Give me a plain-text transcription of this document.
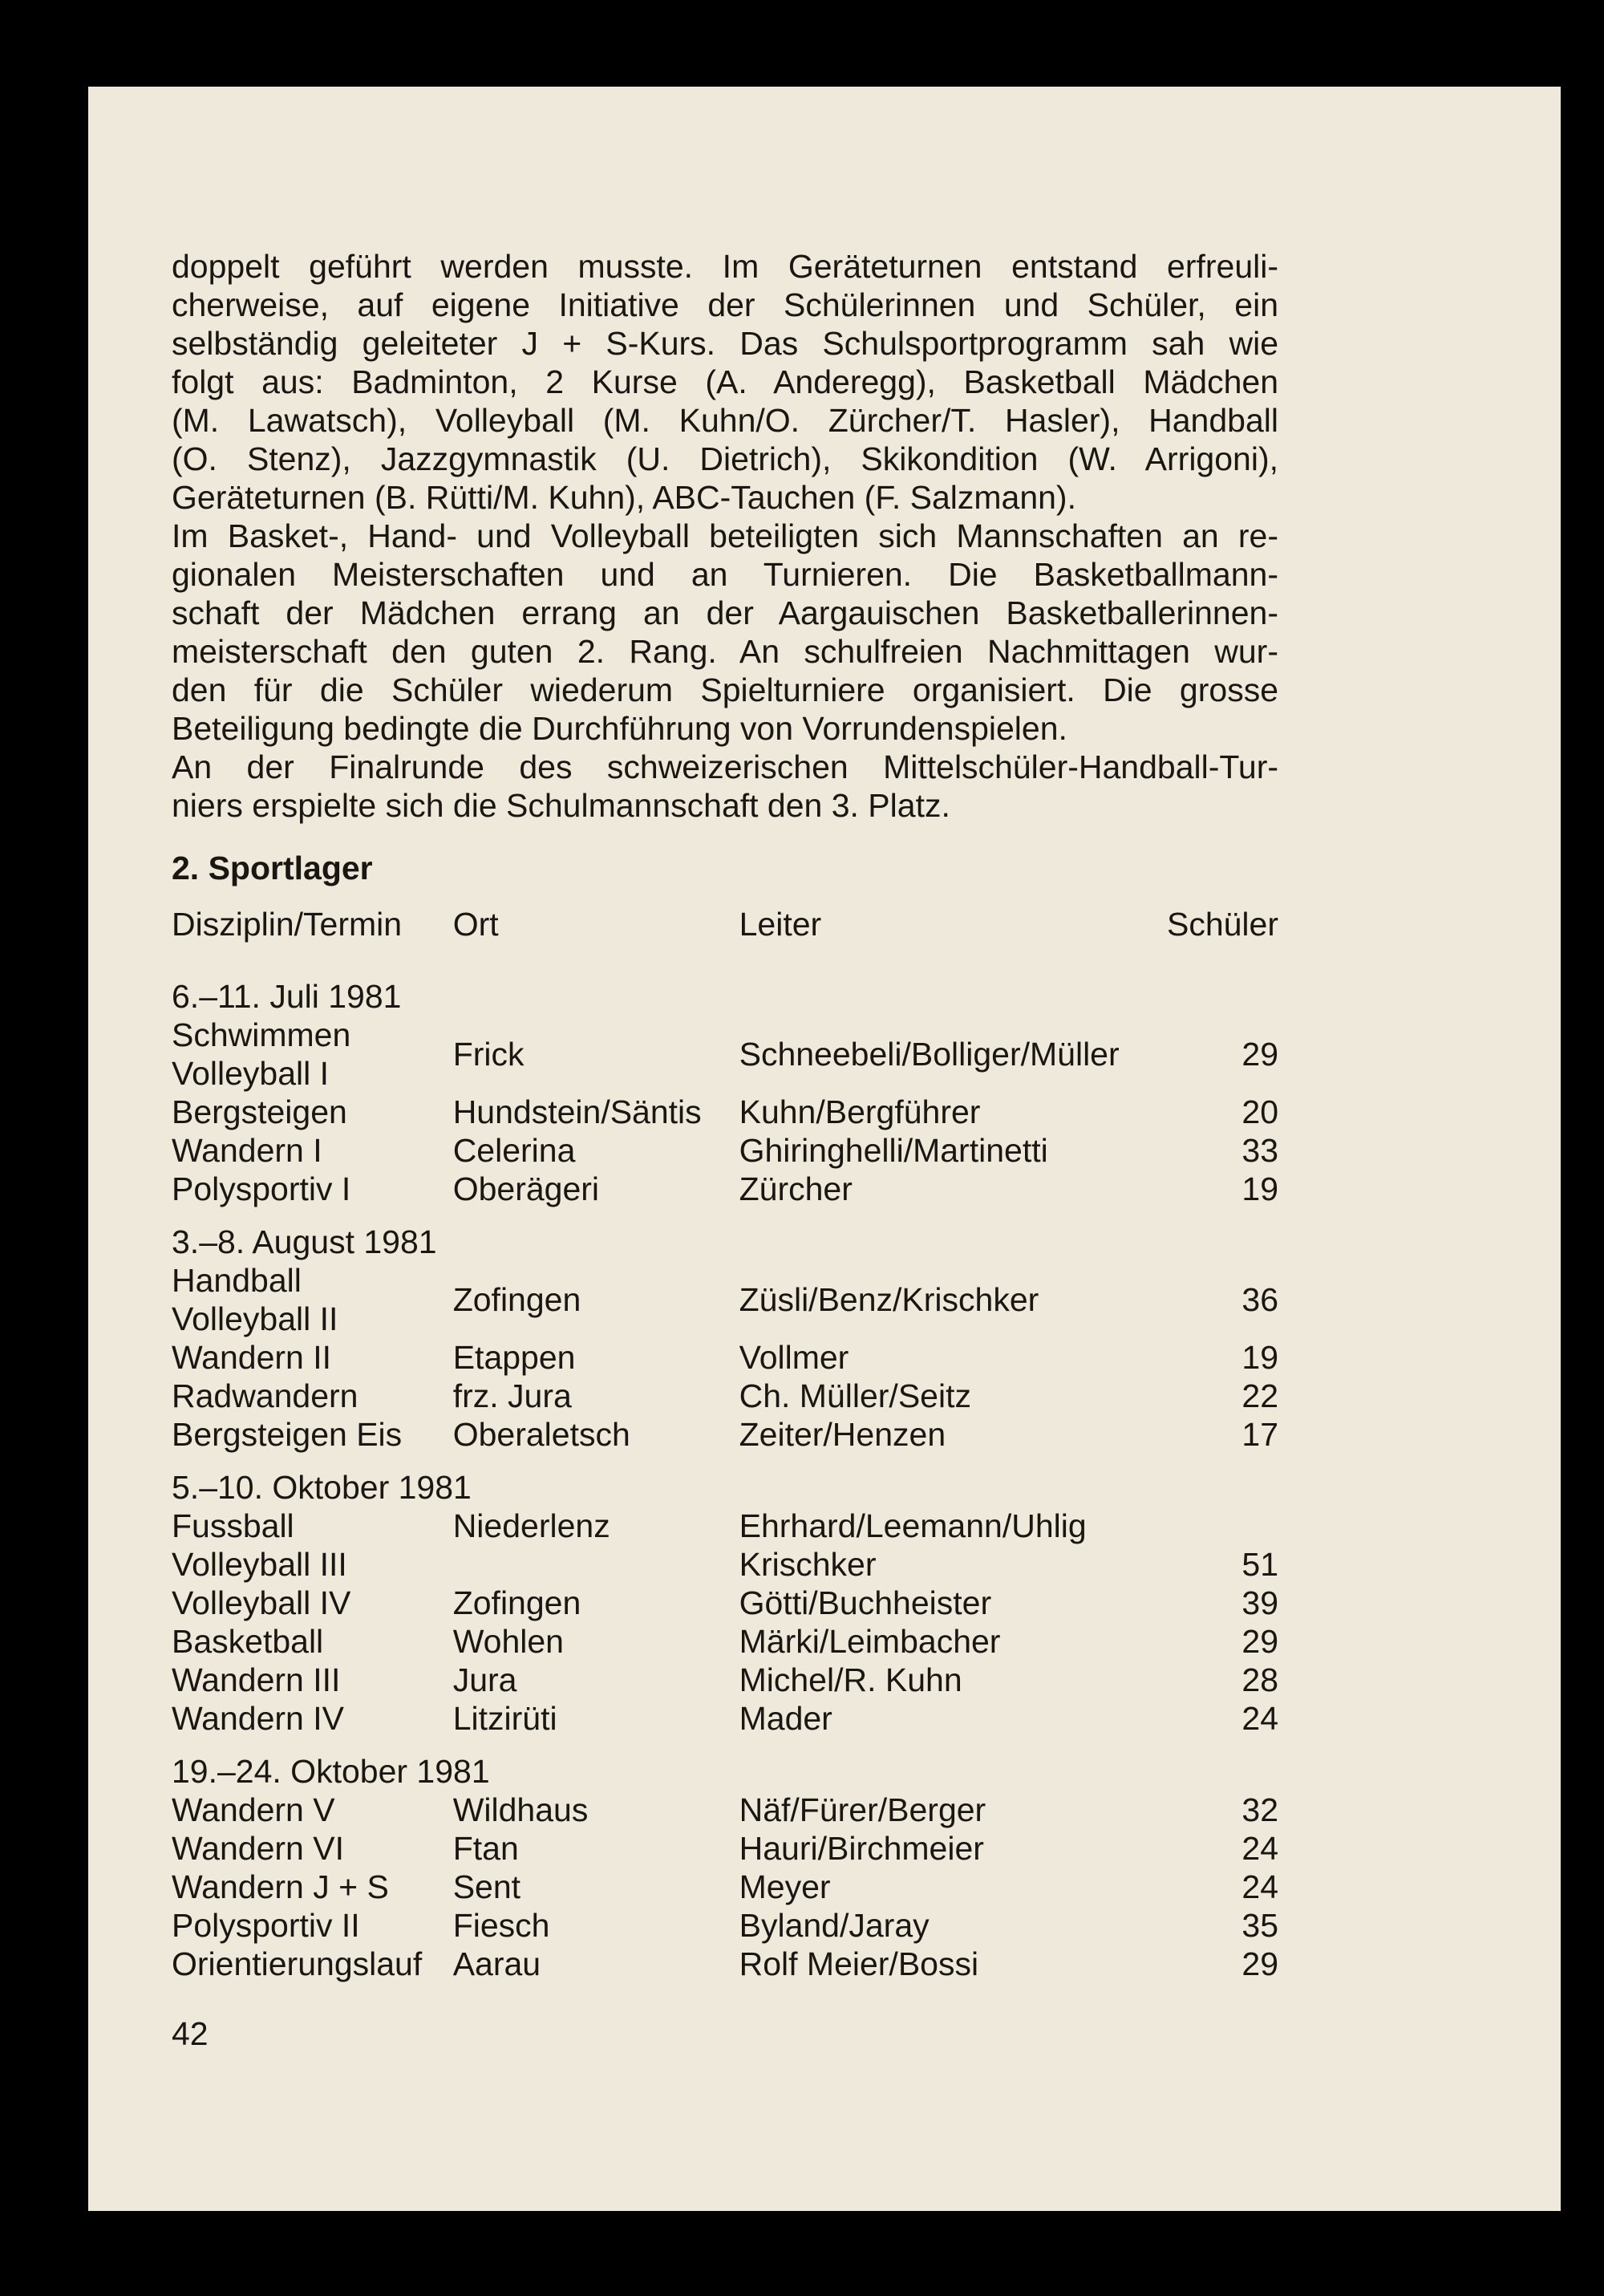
doppelt geführt werden musste. Im Geräteturnen entstand erfreuli-
cherweise, auf eigene Initiative der Schülerinnen und Schüler, ein
selbständig geleiteter J + S-Kurs. Das Schulsportprogramm sah wie
folgt aus: Badminton, 2 Kurse (A. Anderegg), Basketball Mädchen
(M. Lawatsch), Volleyball (M. Kuhn/O. Zürcher/T. Hasler), Handball
(O. Stenz), Jazzgymnastik (U. Dietrich), Skikondition (W. Arrigoni),
Geräteturnen (B. Rütti/M. Kuhn), ABC-Tauchen (F. Salzmann).
Im Basket-, Hand- und Volleyball beteiligten sich Mannschaften an re-
gionalen Meisterschaften und an Turnieren. Die Basketballmann-
schaft der Mädchen errang an der Aargauischen Basketballerinnen-
meisterschaft den guten 2. Rang. An schulfreien Nachmittagen wur-
den für die Schüler wiederum Spielturniere organisiert. Die grosse
Beteiligung bedingte die Durchführung von Vorrundenspielen.
An der Finalrunde des schweizerischen Mittelschüler-Handball-Tur-
niers erspielte sich die Schulmannschaft den 3. Platz.

2. Sportlager
Disziplin/Termin	Ort	Leiter	Schüler
6.–11. Juli 1981			

Schwimmen
Volleyball I	Frick	Schneebeli/Bolliger/Müller	29

Bergsteigen	Hundstein/Säntis	Kuhn/Bergführer	20

Wandern I	Celerina	Ghiringhelli/Martinetti	33

Polysportiv I	Oberägeri	Zürcher	19
3.–8. August 1981			

Handball
Volleyball II	Zofingen	Züsli/Benz/Krischker	36

Wandern II	Etappen	Vollmer	19

Radwandern	frz. Jura	Ch. Müller/Seitz	22

Bergsteigen Eis	Oberaletsch	Zeiter/Henzen	17
5.–10. Oktober 1981			

Fussball	Niederlenz	Ehrhard/Leemann/Uhlig	

Volleyball III		Krischker	51

Volleyball IV	Zofingen	Götti/Buchheister	39

Basketball	Wohlen	Märki/Leimbacher	29

Wandern III	Jura	Michel/R. Kuhn	28

Wandern IV	Litzirüti	Mader	24
19.–24. Oktober 1981			

Wandern V	Wildhaus	Näf/Fürer/Berger	32

Wandern VI	Ftan	Hauri/Birchmeier	24

Wandern J + S	Sent	Meyer	24

Polysportiv II	Fiesch	Byland/Jaray	35

Orientierungslauf	Aarau	Rolf Meier/Bossi	29
42
